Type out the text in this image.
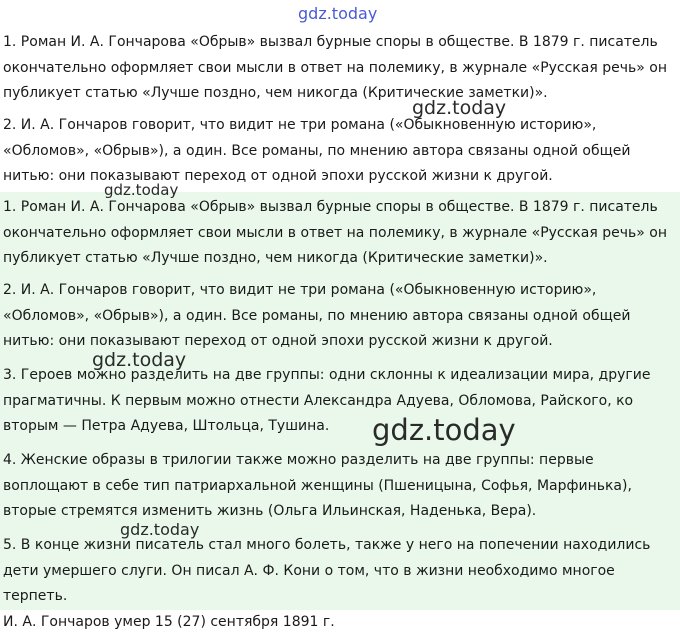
1. Роман И. А. Гончарова «Обрыв» вызвал бурные споры в обществе. В 1879 г. писатель
окончательно оформляет свои мысли в ответ на полемику, в журнале «Русская речь» он
публикует статью «Лучше поздно, чем никогда (Критические заметки)».
2. И. А. Гончаров говорит, что видит не три романа («Обыкновенную историю»,
«Обломов», «Обрыв»), а один. Все романы, по мнению автора связаны одной общей
нитью: они показывают переход от одной эпохи русской жизни к другой.
1. Роман И. А. Гончарова «Обрыв» вызвал бурные споры в обществе. В 1879 г. писатель
окончательно оформляет свои мысли в ответ на полемику, в журнале «Русская речь» он
публикует статью «Лучше поздно, чем никогда (Критические заметки)».
2. И. А. Гончаров говорит, что видит не три романа («Обыкновенную историю»,
«Обломов», «Обрыв»), а один. Все романы, по мнению автора связаны одной общей
нитью: они показывают переход от одной эпохи русской жизни к другой.
3. Героев можно разделить на две группы: одни склонны к идеализации мира, другие
прагматичны. К первым можно отнести Александра Адуева, Обломова, Райского, ко
вторым — Петра Адуева, Штольца, Тушина.
4. Женские образы в трилогии также можно разделить на две группы: первые
воплощают в себе тип патриархальной женщины (Пшеницына, Софья, Марфинька),
вторые стремятся изменить жизнь (Ольга Ильинская, Наденька, Вера).
5. В конце жизни писатель стал много болеть, также у него на попечении находились
дети умершего слуги. Он писал А. Ф. Кони о том, что в жизни необходимо многое терпеть.
И. А. Гончаров умер 15 (27) сентября 1891 г.
gdz.today
gdz.today
gdz.today
gdz.today
gdz.today
gdz.today
